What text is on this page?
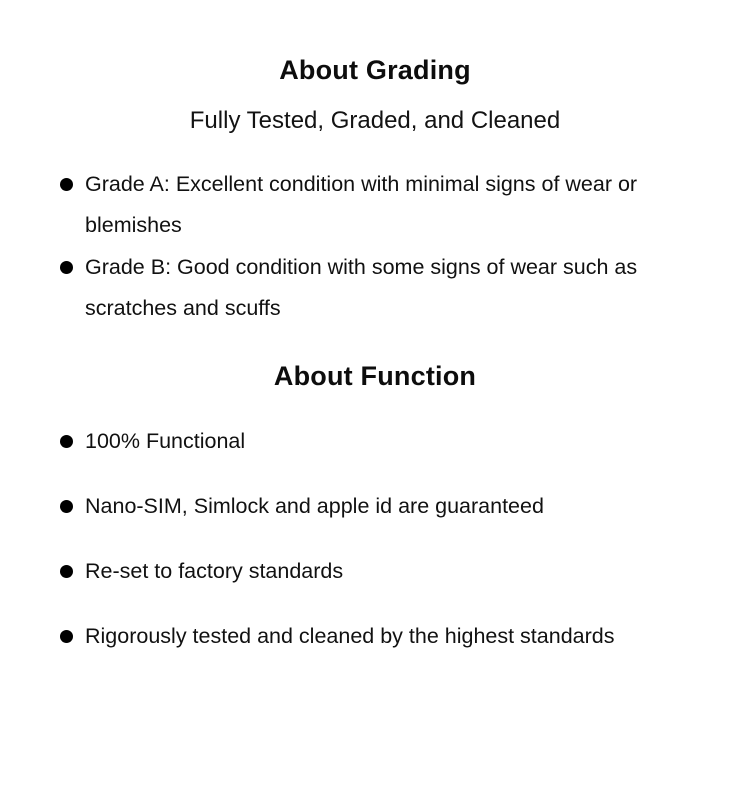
About Grading

Fully Tested, Graded, and Cleaned

Grade A: Excellent condition with minimal signs of wear or blemishes
Grade B: Good condition with some signs of wear such as scratches and scuffs
About Function
100% Functional
Nano-SIM, Simlock and apple id are guaranteed
Re-set to factory standards
Rigorously tested and cleaned by the highest standards
